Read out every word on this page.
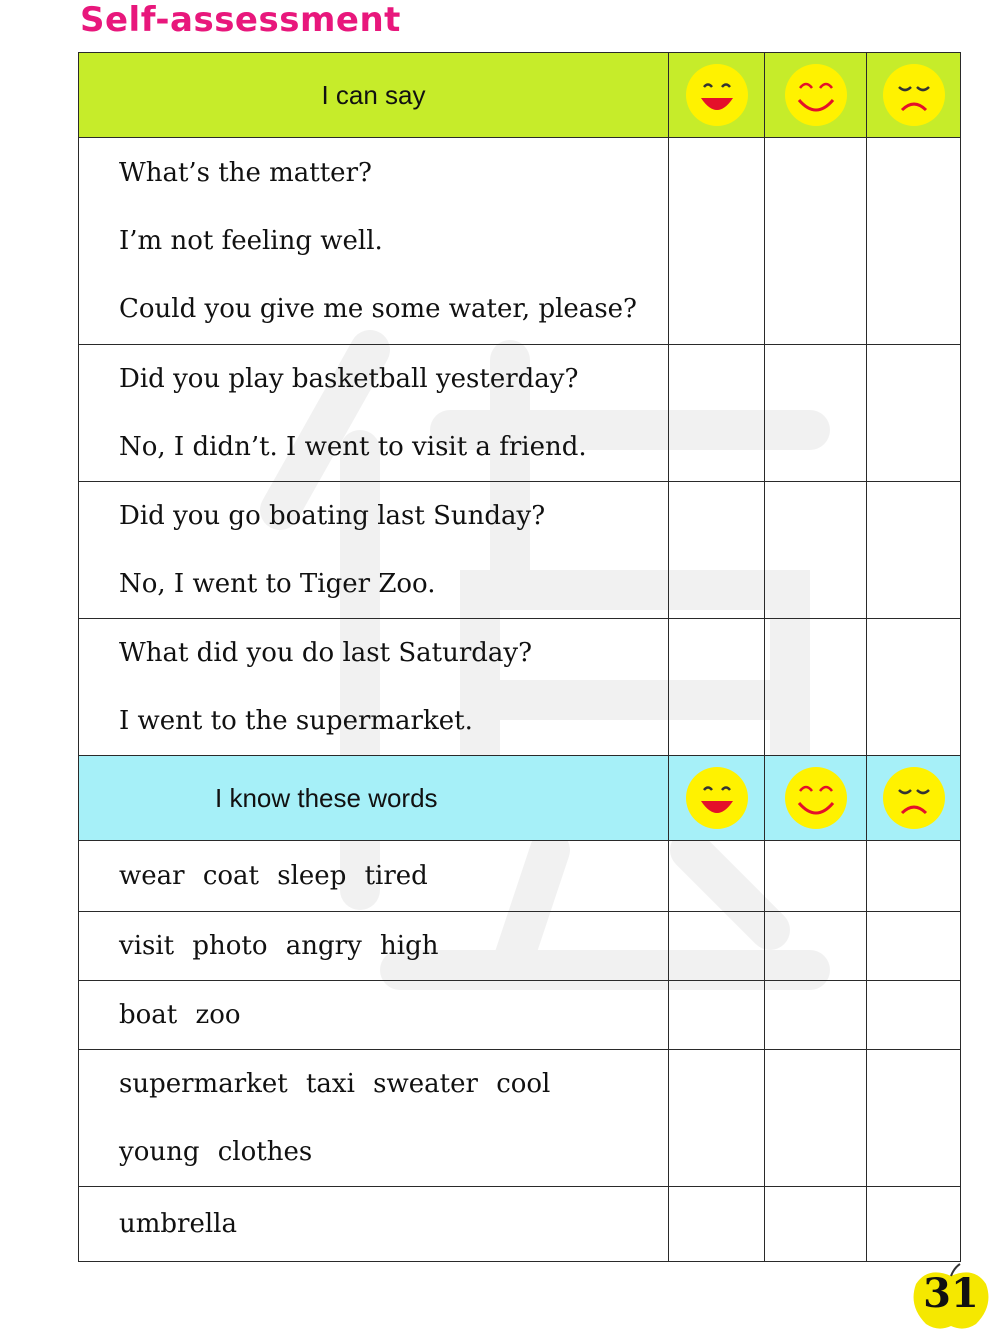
Self-assessment
I can say	

What’s the matter?
I’m not feeling well.
Could you give me some water, please?			

Did you play basketball yesterday?
No, I didn’t. I went to visit a friend.			

Did you go boating last Sunday?
No, I went to Tiger Zoo.			

What did you do last Saturday?
I went to the supermarket.			

I know these words	

wear coat sleep tired			

visit photo angry high			

boat zoo			

supermarket taxi sweater cool
young clothes			

umbrella			

31
